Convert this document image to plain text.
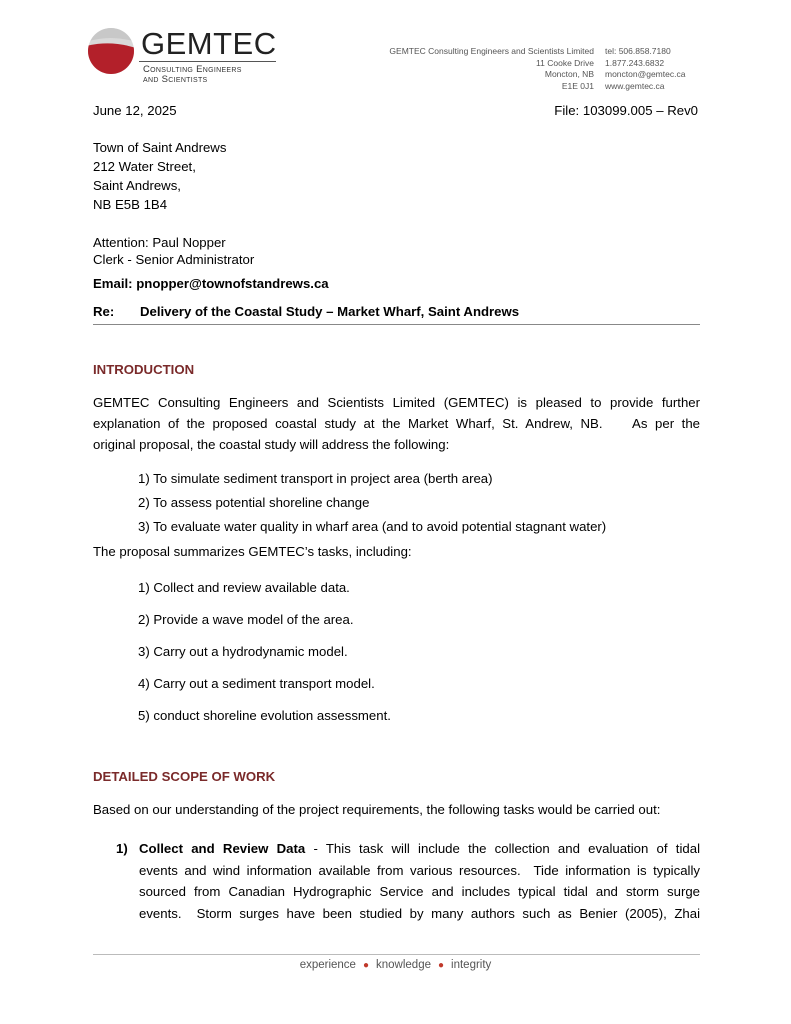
GEMTEC
Consulting Engineers
and Scientists
GEMTEC Consulting Engineers and Scientists Limited
11 Cooke Drive
Moncton, NB
E1E 0J1
tel: 506.858.7180
1.877.243.6832
moncton@gemtec.ca
www.gemtec.ca
June 12, 2025	File: 103099.005 – Rev0
Town of Saint Andrews
212 Water Street,
Saint Andrews,
NB E5B 1B4
Attention: Paul Nopper
Clerk - Senior Administrator
Email: pnopper@townofstandrews.ca
Re: Delivery of the Coastal Study – Market Wharf, Saint Andrews
INTRODUCTION
GEMTEC Consulting Engineers and Scientists Limited (GEMTEC) is pleased to provide further
explanation of the proposed coastal study at the Market Wharf, St. Andrew, NB.    As per the
original proposal, the coastal study will address the following:
1) To simulate sediment transport in project area (berth area)
2) To assess potential shoreline change
3) To evaluate water quality in wharf area (and to avoid potential stagnant water)
The proposal summarizes GEMTEC’s tasks, including:
1) Collect and review available data.
2) Provide a wave model of the area.
3) Carry out a hydrodynamic model.
4) Carry out a sediment transport model.
5) conduct shoreline evolution assessment.
DETAILED SCOPE OF WORK
Based on our understanding of the project requirements, the following tasks would be carried out:
1) Collect and Review Data - This task will include the collection and evaluation of tidal
events and wind information available from various resources.  Tide information is typically
sourced from Canadian Hydrographic Service and includes typical tidal and storm surge
events.  Storm surges have been studied by many authors such as Benier (2005), Zhai
experience ● knowledge ● integrity
